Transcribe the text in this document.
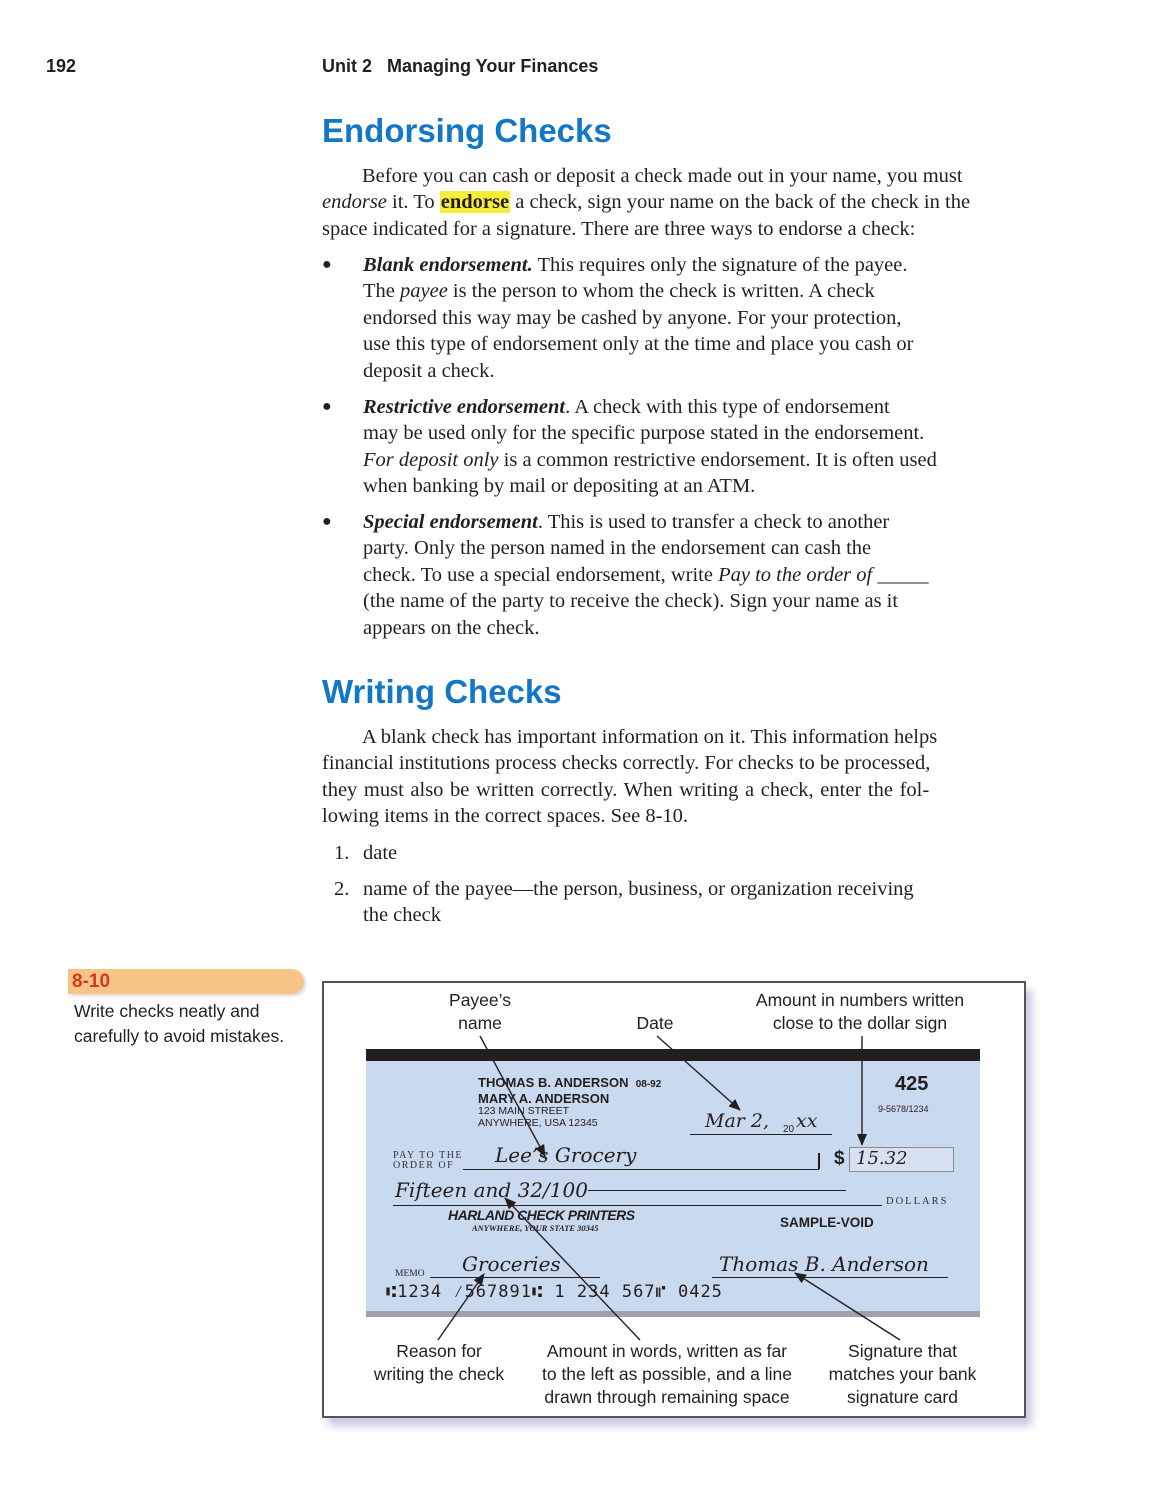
192	Unit 2   Managing Your Finances
Endorsing Checks

Before you can cash or deposit a check made out in your name, you must

endorse it. To endorse a check, sign your name on the back of the check in the

space indicated for a signature. There are three ways to endorse a check:

● Blank endorsement. This requires only the signature of the payee.
The payee is the person to whom the check is written. A check
endorsed this way may be cashed by anyone. For your protection,
use this type of endorsement only at the time and place you cash or
deposit a check.
● Restrictive endorsement. A check with this type of endorsement
may be used only for the specific purpose stated in the endorsement.
For deposit only is a common restrictive endorsement. It is often used
when banking by mail or depositing at an ATM.
● Special endorsement. This is used to transfer a check to another
party. Only the person named in the endorsement can cash the
check. To use a special endorsement, write Pay to the order of _____
(the name of the party to receive the check). Sign your name as it
appears on the check.
Writing Checks
A blank check has important information on it. This information helps
financial institutions process checks correctly. For checks to be processed,
they must also be written correctly. When writing a check, enter the fol-
lowing items in the correct spaces. See 8-10.
1. date
2. name of the payee—the person, business, or organization receiving
the check
8-10
Write checks neatly and
carefully to avoid mistakes.
Payee’s
name	Date
Amount in numbers written
close to the dollar sign
THOMAS B. ANDERSON 08-92
MARY A. ANDERSON
123 MAIN STREET
ANYWHERE, USA 12345
425
9-5678/1234
Mar 2, 20 xx
PAY TO THE
ORDER OF	Lee’s Grocery	$ 15.32
Fifteen and 32/100	DOLLARS
HARLAND CHECK PRINTERS
ANYWHERE, YOUR STATE 30345	SAMPLE-VOID
MEMO Groceries	Thomas B. Anderson
⑆1234 ⁄567891⑆ 1 234 567⑈ 0425
Reason for
writing the check
Amount in words, written as far
to the left as possible, and a line
drawn through remaining space
Signature that
matches your bank
signature card
